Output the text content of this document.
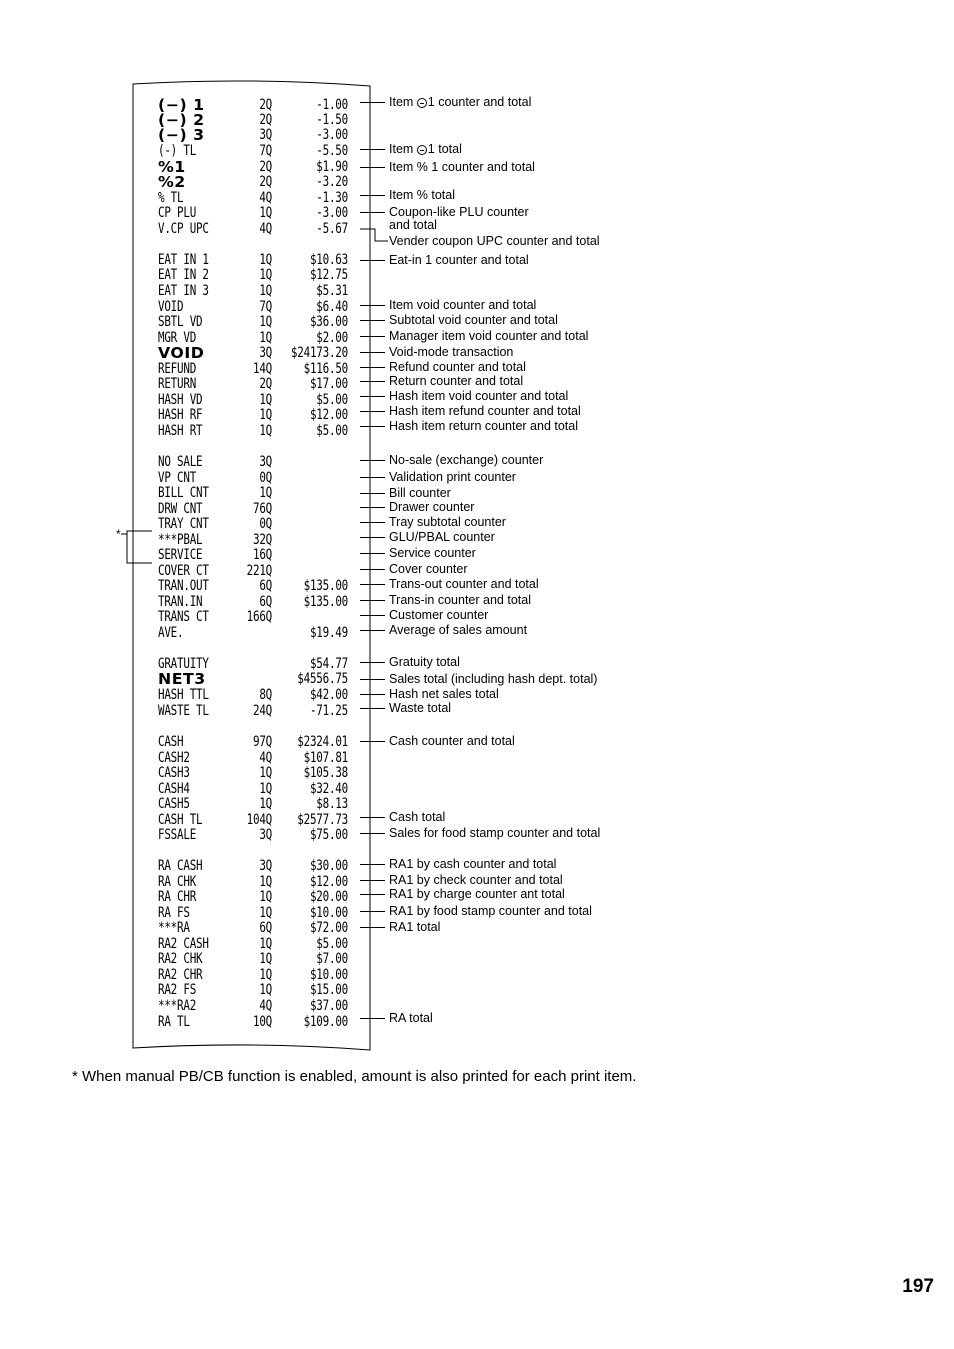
(−) 1	2Q	-1.00
(−) 2	2Q	-1.50
(−) 3	3Q	-3.00
(-) TL	7Q	-5.50
%1	2Q	$1.90
%2	2Q	-3.20
% TL	4Q	-1.30
CP PLU	1Q	-3.00
V.CP UPC	4Q	-5.67
EAT IN 1	1Q	$10.63
EAT IN 2	1Q	$12.75
EAT IN 3	1Q	$5.31
VOID	7Q	$6.40
SBTL VD	1Q	$36.00
MGR VD	1Q	$2.00
VOID	3Q $24173.20
REFUND	14Q	$116.50
RETURN	2Q	$17.00
HASH VD	1Q	$5.00
HASH RF	1Q	$12.00
HASH RT	1Q	$5.00
NO SALE	3Q
VP CNT	0Q
BILL CNT	1Q
DRW CNT	76Q
TRAY CNT	0Q
***PBAL	32Q
SERVICE	16Q
COVER CT	221Q
TRAN.OUT	6Q	$135.00
TRAN.IN	6Q	$135.00
TRANS CT	166Q
AVE.	$19.49
GRATUITY	$54.77
NET3	$4556.75
HASH TTL	8Q	$42.00
WASTE TL	24Q	-71.25
CASH	97Q	$2324.01
CASH2	4Q	$107.81
CASH3	1Q	$105.38
CASH4	1Q	$32.40
CASH5	1Q	$8.13
CASH TL	104Q	$2577.73
FSSALE	3Q	$75.00
RA CASH	3Q	$30.00
RA CHK	1Q	$12.00
RA CHR	1Q	$20.00
RA FS	1Q	$10.00
***RA	6Q	$72.00
RA2 CASH	1Q	$5.00
RA2 CHK	1Q	$7.00
RA2 CHR	1Q	$10.00
RA2 FS	1Q	$15.00
***RA2	4Q	$37.00
RA TL	10Q	$109.00
Item 1 counter and total
Item 1 total
Item % 1 counter and total
Item % total
Coupon-like PLU counter
and total
Vender coupon UPC counter and total
Eat-in 1 counter and total
Item void counter and total
Subtotal void counter and total
Manager item void counter and total
Void-mode transaction
Refund counter and total
Return counter and total
Hash item void counter and total
Hash item refund counter and total
Hash item return counter and total
No-sale (exchange) counter
Validation print counter
Bill counter
Drawer counter
Tray subtotal counter
GLU/PBAL counter
Service counter
Cover counter
Trans-out counter and total
Trans-in counter and total
Customer counter
Average of sales amount
Gratuity total
Sales total (including hash dept. total)
Hash net sales total
Waste total
Cash counter and total
Cash total
Sales for food stamp counter and total
RA1 by cash counter and total
RA1 by check counter and total
RA1 by charge counter ant total
RA1 by food stamp counter and total
RA1 total
RA total
*
* When manual PB/CB function is enabled, amount is also printed for each print item.
197
